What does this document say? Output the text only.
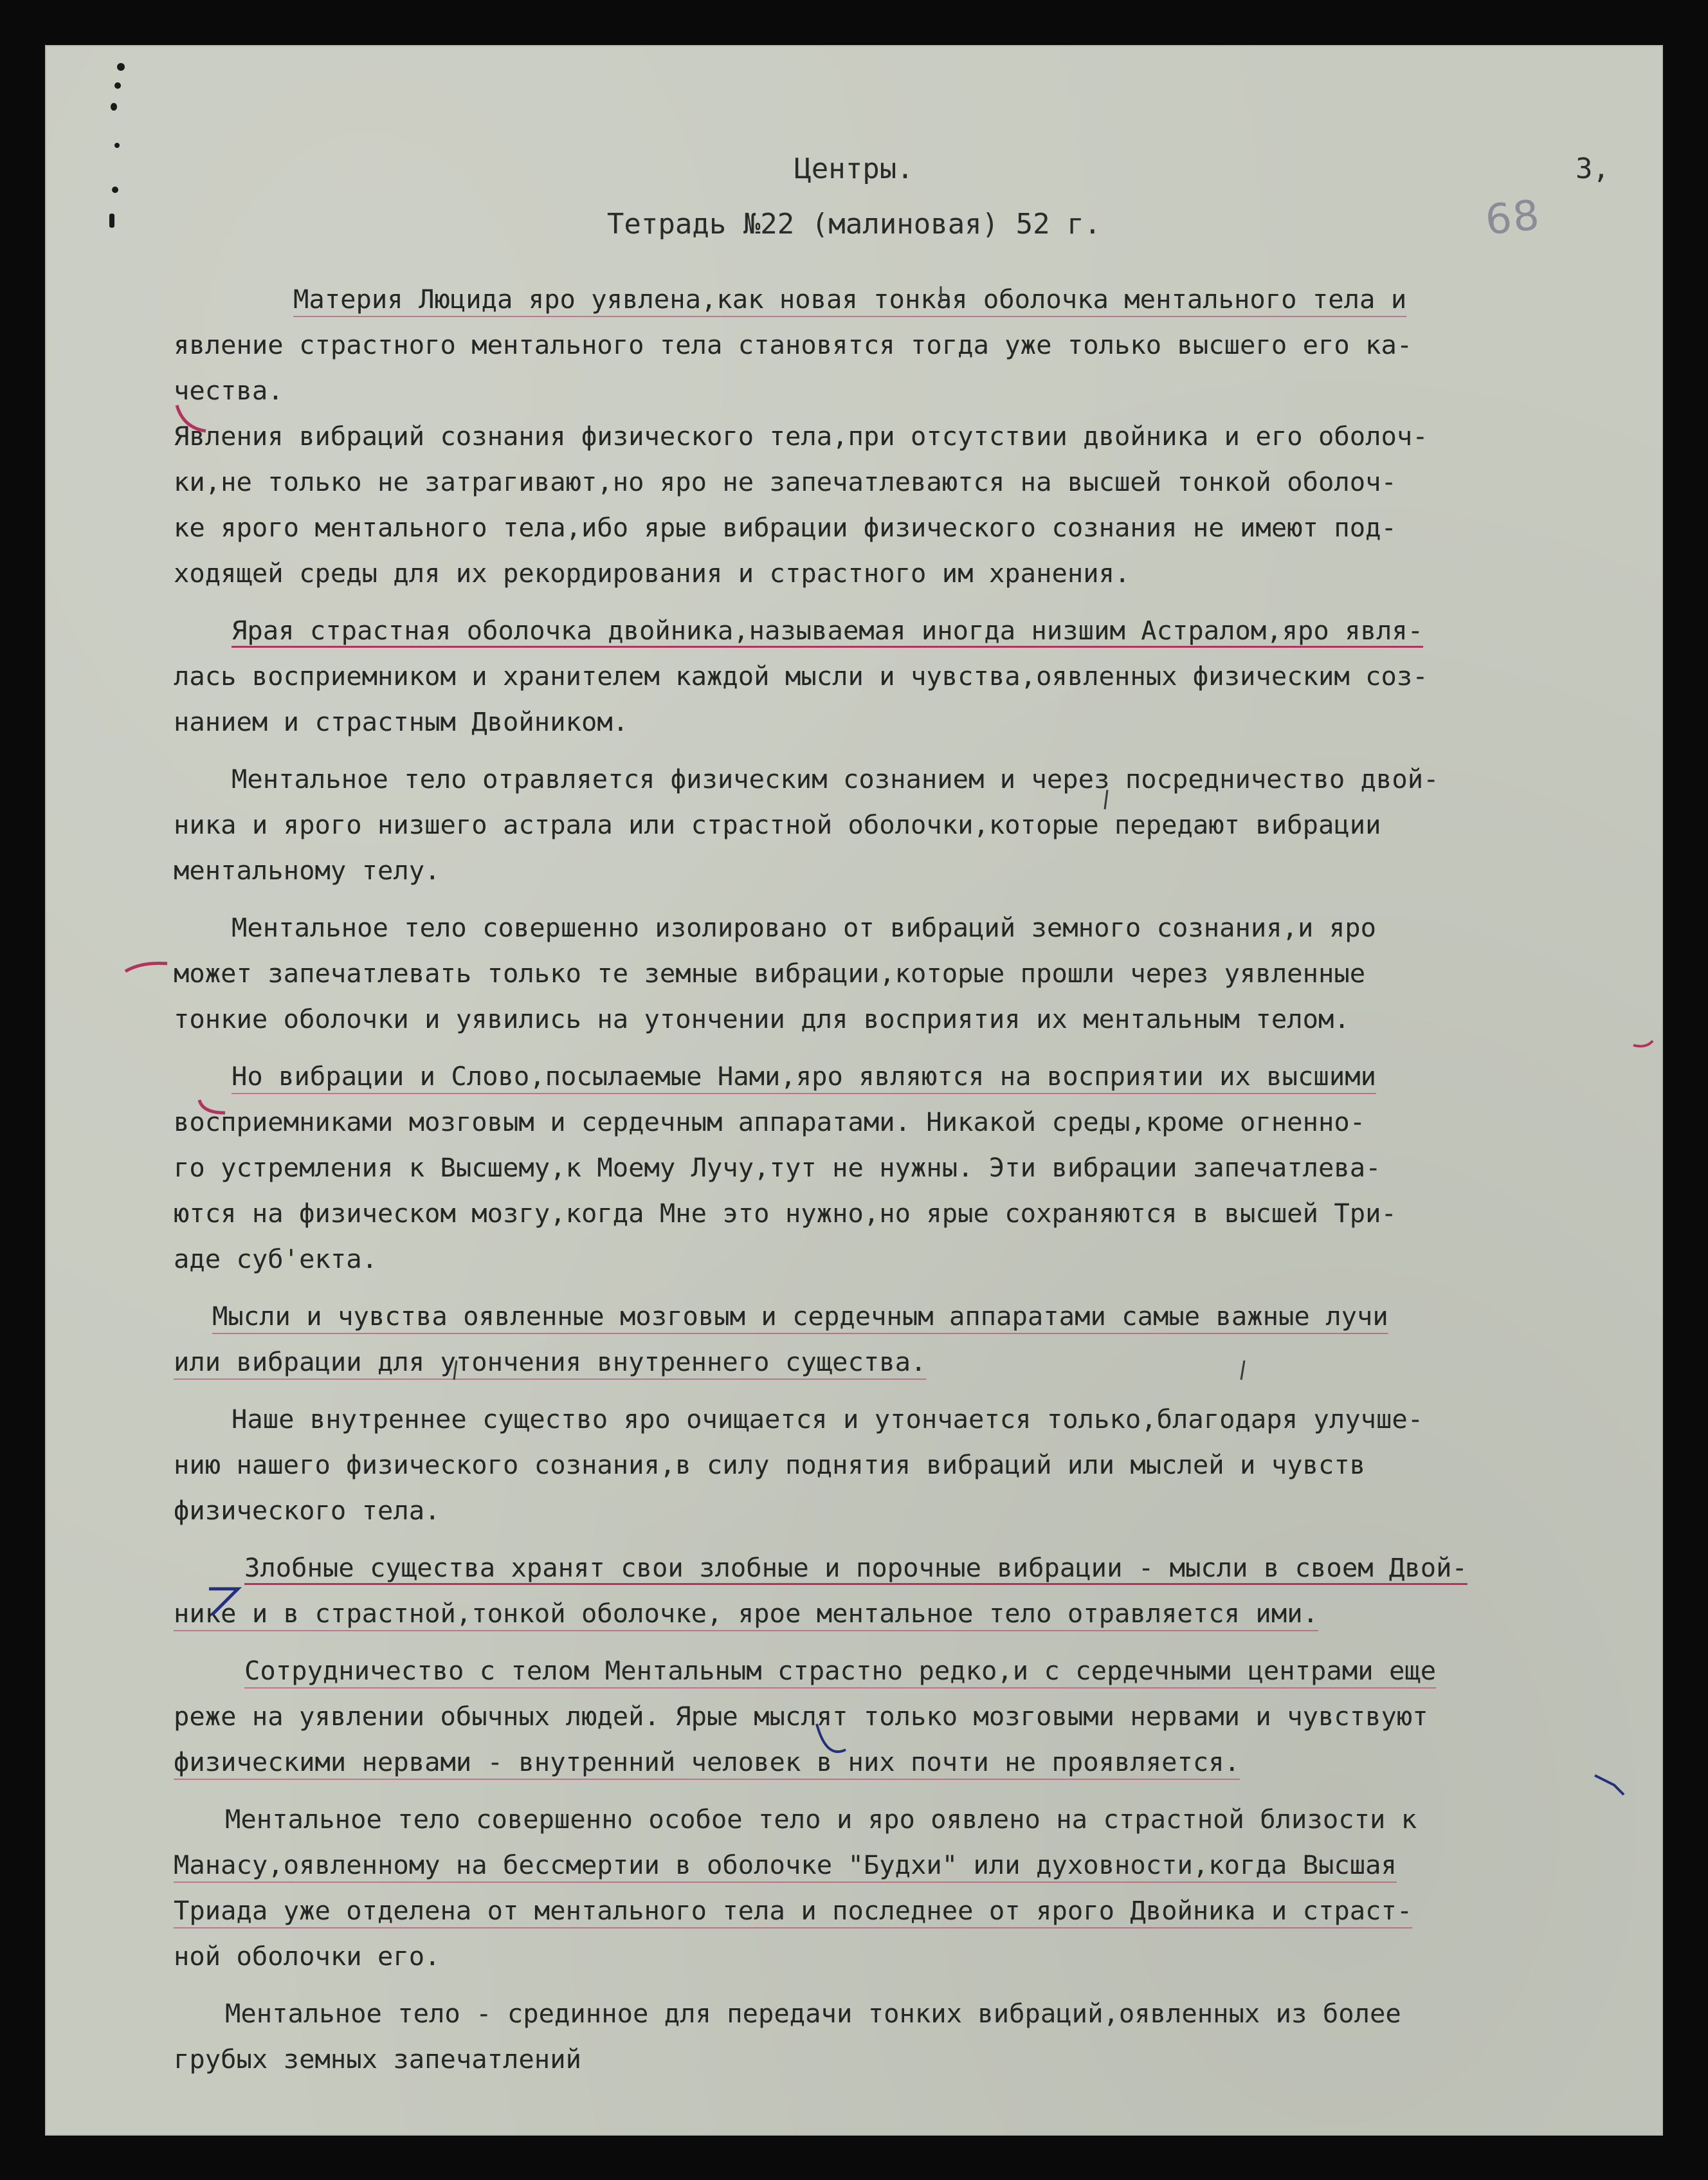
Центры.
Тетрадь №22 (малиновая) 52 г.
3,
68
Материя Люцида яро уявлена,как новая тонкая оболочка ментального тела и
явление страстного ментального тела становятся тогда уже только высшего его ка-
чества.
Явления вибраций сознания физического тела,при отсутствии двойника и его оболоч-
ки,не только не затрагивают,но яро не запечатлеваются на высшей тонкой оболоч-
ке ярого ментального тела,ибо ярые вибрации физического сознания не имеют под-
ходящей среды для их рекордирования и страстного им хранения.
Ярая страстная оболочка двойника,называемая иногда низшим Астралом,яро явля-
лась восприемником и хранителем каждой мысли и чувства,оявленных физическим соз-
нанием и страстным Двойником.
Ментальное тело отравляется физическим сознанием и через посредничество двой-
ника и ярого низшего астрала или страстной оболочки,которые передают вибрации
ментальному телу.
Ментальное тело совершенно изолировано от вибраций земного сознания,и яро
может запечатлевать только те земные вибрации,которые прошли через уявленные
тонкие оболочки и уявились на утончении для восприятия их ментальным телом.
Но вибрации и Слово,посылаемые Нами,яро являются на восприятии их высшими
восприемниками мозговым и сердечным аппаратами. Никакой среды,кроме огненно-
го устремления к Высшему,к Моему Лучу,тут не нужны. Эти вибрации запечатлева-
ются на физическом мозгу,когда Мне это нужно,но ярые сохраняются в высшей Три-
аде суб'екта.
Мысли и чувства оявленные мозговым и сердечным аппаратами самые важные лучи
или вибрации для утончения внутреннего существа.
Наше внутреннее существо яро очищается и утончается только,благодаря улучше-
нию нашего физического сознания,в силу поднятия вибраций или мыслей и чувств
физического тела.
Злобные существа хранят свои злобные и порочные вибрации - мысли в своем Двой-
нике и в страстной,тонкой оболочке, ярое ментальное тело отравляется ими.
Сотрудничество с телом Ментальным страстно редко,и с сердечными центрами еще
реже на уявлении обычных людей. Ярые мыслят только мозговыми нервами и чувствуют
физическими нервами - внутренний человек в них почти не проявляется.
Ментальное тело совершенно особое тело и яро оявлено на страстной близости к
Манасу,оявленному на бессмертии в оболочке "Будхи" или духовности,когда Высшая
Триада уже отделена от ментального тела и последнее от ярого Двойника и страст-
ной оболочки его.
Ментальное тело - срединное для передачи тонких вибраций,оявленных из более
грубых земных запечатлений
